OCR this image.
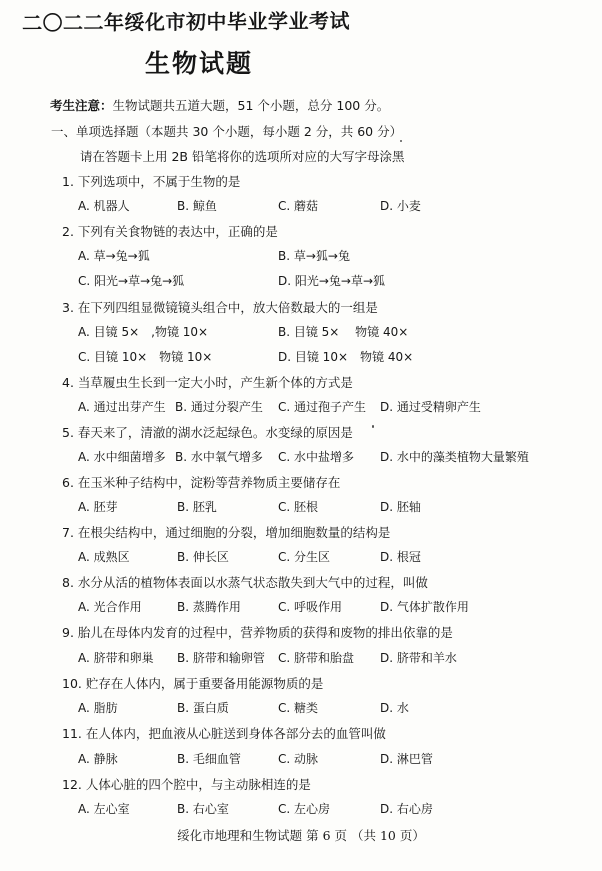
二〇二二年绥化市初中毕业学业考试
生物试题
考生注意：生物试题共五道大题，51 个小题，总分 100 分。
一、单项选择题（本题共 30 个小题，每小题 2 分，共 60 分）
请在答题卡上用 2B 铅笔将你的选项所对应的大写字母涂黑
1. 下列选项中，不属于生物的是
A. 机器人	B. 鲸鱼	C. 蘑菇	D. 小麦
2. 下列有关食物链的表达中，正确的是
A. 草→兔→狐	B. 草→狐→兔
C. 阳光→草→兔→狐	D. 阳光→兔→草→狐
3. 在下列四组显微镜镜头组合中，放大倍数最大的一组是
A. 目镜 5×　,物镜 10×	B. 目镜 5×　 物镜 40×
C. 目镜 10×　物镜 10×	D. 目镜 10×　物镜 40×
4. 当草履虫生长到一定大小时，产生新个体的方式是
A. 通过出芽产生 B. 通过分裂产生 C. 通过孢子产生 D. 通过受精卵产生
5. 春天来了，清澈的湖水泛起绿色。水变绿的原因是
A. 水中细菌增多 B. 水中氧气增多 C. 水中盐增多 D. 水中的藻类植物大量繁殖
6. 在玉米种子结构中，淀粉等营养物质主要储存在
A. 胚芽	B. 胚乳	C. 胚根	D. 胚轴
7. 在根尖结构中，通过细胞的分裂，增加细胞数量的结构是
A. 成熟区	B. 伸长区	C. 分生区	D. 根冠
8. 水分从活的植物体表面以水蒸气状态散失到大气中的过程，叫做
A. 光合作用	B. 蒸腾作用	C. 呼吸作用	D. 气体扩散作用
9. 胎儿在母体内发育的过程中，营养物质的获得和废物的排出依靠的是
A. 脐带和卵巢 B. 脐带和输卵管 C. 脐带和胎盘 D. 脐带和羊水
10. 贮存在人体内，属于重要备用能源物质的是
A. 脂肪	B. 蛋白质	C. 糖类	D. 水
11. 在人体内，把血液从心脏送到身体各部分去的血管叫做
A. 静脉	B. 毛细血管	C. 动脉	D. 淋巴管
12. 人体心脏的四个腔中，与主动脉相连的是
A. 左心室	B. 右心室	C. 左心房	D. 右心房
绥化市地理和生物试题 第 6 页 （共 10 页）
